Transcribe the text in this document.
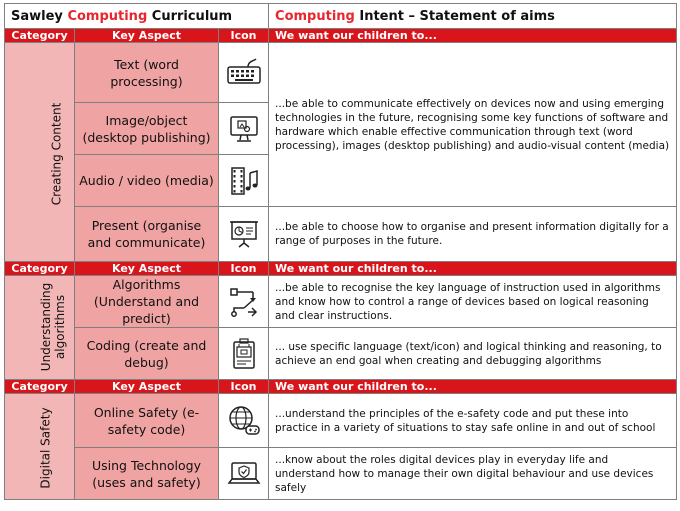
Sawley Computing Curriculum			Computing Intent – Statement of aims
Category	Key Aspect	Icon	We want our children to...
Creating Content	Text (word processing)		...be able to communicate effectively on devices now and using emerging technologies in the future, recognising some key functions of software and hardware which enable effective communication through text (word processing), images (desktop publishing) and audio-visual content (media)
	Image/object (desktop publishing)	

	Audio / video (media)	

	Present (organise and communicate)		...be able to choose how to organise and present information digitally for a range of purposes in the future.
Category	Key Aspect	Icon	We want our children to...
Understanding algorithms	Algorithms (Understand and predict)		...be able to recognise the key language of instruction used in algorithms and know how to control a range of devices based on logical reasoning and clear instructions.
	Coding (create and debug)		... use specific language (text/icon) and logical thinking and reasoning, to achieve an end goal when creating and debugging algorithms
Category	Key Aspect	Icon	We want our children to...
Digital Safety	Online Safety (e-safety code)		...understand the principles of the e-safety code and put these into practice in a variety of situations to stay safe online in and out of school
	Using Technology (uses and safety)		...know about the roles digital devices play in everyday life and understand how to manage their own digital behaviour and use devices safely
